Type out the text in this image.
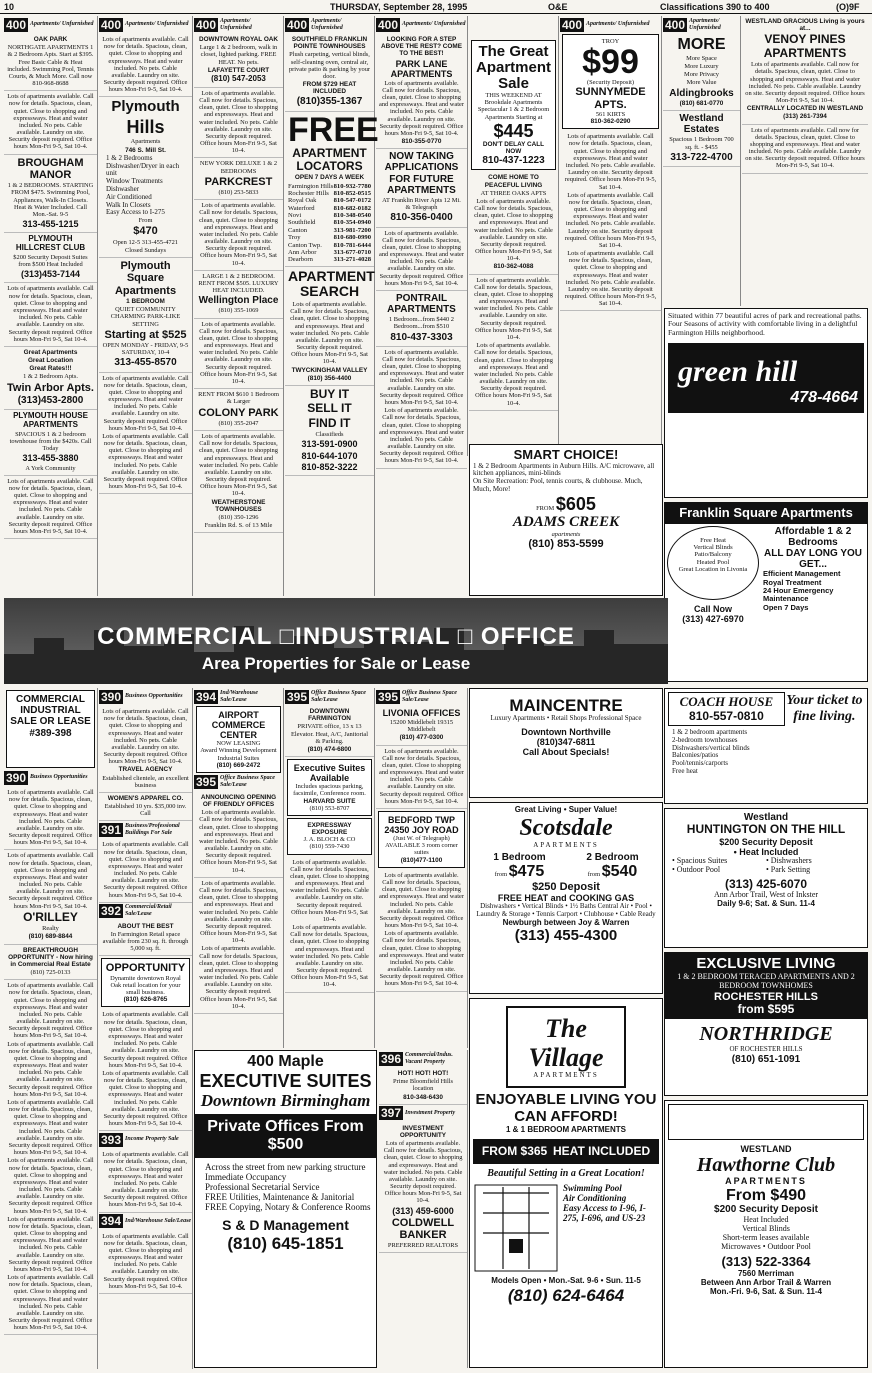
10	THURSDAY, September 28, 1995	O&E	Classifications 390 to 400	(O)9F
400 Apartments/ Unfurnished

OAK PARK

NORTHGATE APARTMENTS 1 & 2 Bedroom Apts. Start at $395. Free Basic Cable & Heat included. Swimming Pool, Tennis Courts, & Much More. Call now 810-968-8688

Lots of apartments available. Call now for details. Spacious, clean, quiet. Close to shopping and expressways. Heat and water included. No pets. Cable available. Laundry on site. Security deposit required. Office hours Mon-Fri 9-5, Sat 10-4.

BROUGHAM MANOR

1 & 2 BEDROOMS. STARTING FROM $475. Swimming Pool, Appliances, Walk-In Closets. Heat & Water Included. Call Mon.-Sat. 9-5

313-455-1215

PLYMOUTH HILLCREST CLUB

$200 Security Deposit Suites from $500 Heat Included

(313)453-7144

Lots of apartments available. Call now for details. Spacious, clean, quiet. Close to shopping and expressways. Heat and water included. No pets. Cable available. Laundry on site. Security deposit required. Office hours Mon-Fri 9-5, Sat 10-4.

Great Apartments

Great Location

Great Rates!!!

1 & 2 Bedroom Apts.

Twin Arbor Apts.

(313)453-2800

PLYMOUTH HOUSE APARTMENTS

SPACIOUS 1 & 2 bedroom townhouse from the $420s. Call Today

313-455-3880

A York Community

Lots of apartments available. Call now for details. Spacious, clean, quiet. Close to shopping and expressways. Heat and water included. No pets. Cable available. Laundry on site. Security deposit required. Office hours Mon-Fri 9-5, Sat 10-4.

400 Apartments/ Unfurnished

Lots of apartments available. Call now for details. Spacious, clean, quiet. Close to shopping and expressways. Heat and water included. No pets. Cable available. Laundry on site. Security deposit required. Office hours Mon-Fri 9-5, Sat 10-4.

Plymouth

Hills

Apartments

746 S. Mill St.

1 & 2 Bedrooms
Dishwasher/Dryer in each unit
Window Treatments
Dishwasher
Air Conditioned
Walk In Closets
Easy Access to I-275

From

$470

Open 12-5 313-455-4721

Closed Sundays

Plymouth Square Apartments

1 BEDROOM

QUIET COMMUNITY CHARMING PARK-LIKE SETTING

Starting at $525

OPEN MONDAY - FRIDAY, 9-5 SATURDAY, 10-4

313-455-8570

Lots of apartments available. Call now for details. Spacious, clean, quiet. Close to shopping and expressways. Heat and water included. No pets. Cable available. Laundry on site. Security deposit required. Office hours Mon-Fri 9-5, Sat 10-4.

Lots of apartments available. Call now for details. Spacious, clean, quiet. Close to shopping and expressways. Heat and water included. No pets. Cable available. Laundry on site. Security deposit required. Office hours Mon-Fri 9-5, Sat 10-4.

400 Apartments/ Unfurnished

DOWNTOWN ROYAL OAK

Large 1 & 2 bedroom, walk in closet, lighted parking. FREE HEAT. No pets.

LAFAYETTE COURT

(810) 547-2053

Lots of apartments available. Call now for details. Spacious, clean, quiet. Close to shopping and expressways. Heat and water included. No pets. Cable available. Laundry on site. Security deposit required. Office hours Mon-Fri 9-5, Sat 10-4.

NEW YORK DELUXE 1 & 2 BEDROOMS

PARKCREST

(810) 253-5833

Lots of apartments available. Call now for details. Spacious, clean, quiet. Close to shopping and expressways. Heat and water included. No pets. Cable available. Laundry on site. Security deposit required. Office hours Mon-Fri 9-5, Sat 10-4.

LARGE 1 & 2 BEDROOM. RENT FROM $505. LUXURY HEAT INCLUDED.

Wellington Place

(810) 355-1069

Lots of apartments available. Call now for details. Spacious, clean, quiet. Close to shopping and expressways. Heat and water included. No pets. Cable available. Laundry on site. Security deposit required. Office hours Mon-Fri 9-5, Sat 10-4.

RENT FROM $610 1 Bedroom & Larger

COLONY PARK

(810) 355-2047

Lots of apartments available. Call now for details. Spacious, clean, quiet. Close to shopping and expressways. Heat and water included. No pets. Cable available. Laundry on site. Security deposit required. Office hours Mon-Fri 9-5, Sat 10-4.

WEATHERSTONE TOWNHOUSES

(810) 350-1296

Franklin Rd. S. of 13 Mile

400 Apartments/ Unfurnished

SOUTHFIELD FRANKLIN POINTE TOWNHOUSES

Plush carpeting, vertical blinds, self-cleaning oven, central air, private patio & parking by your door.

FROM $729 HEAT INCLUDED

(810)355-1367

FREE

APARTMENT LOCATORS

OPEN 7 DAYS A WEEK

Farmington Hills 810-932-7780
Rochester Hills 810-852-0515
Royal Oak	810-547-0172
Waterford	810-682-0182
Novi	810-348-0540
Southfield	810-354-0940
Canton	313-981-7200
Troy	810-680-0990
Canton Twp. 810-781-6444
Ann Arbor	313-677-0710
Dearborn	313-271-4028

APARTMENT SEARCH

Lots of apartments available. Call now for details. Spacious, clean, quiet. Close to shopping and expressways. Heat and water included. No pets. Cable available. Laundry on site. Security deposit required. Office hours Mon-Fri 9-5, Sat 10-4.

TWYCKINGHAM VALLEY

(810) 356-4400

BUY IT

SELL IT

FIND IT

Classifieds

313-591-0900

810-644-1070

810-852-3222

400 Apartments/ Unfurnished

LOOKING FOR A STEP ABOVE THE REST? COME TO THE BEST!

PARK LANE APARTMENTS

Lots of apartments available. Call now for details. Spacious, clean, quiet. Close to shopping and expressways. Heat and water included. No pets. Cable available. Laundry on site. Security deposit required. Office hours Mon-Fri 9-5, Sat 10-4.

810-355-0770

NOW TAKING APPLICATIONS FOR FUTURE APARTMENTS

AT Franklin River Apts 12 Mi. & Telegraph

810-356-0400

Lots of apartments available. Call now for details. Spacious, clean, quiet. Close to shopping and expressways. Heat and water included. No pets. Cable available. Laundry on site. Security deposit required. Office hours Mon-Fri 9-5, Sat 10-4.

PONTRAIL APARTMENTS

1 Bedroom...from $440 2 Bedroom...from $510

810-437-3303

Lots of apartments available. Call now for details. Spacious, clean, quiet. Close to shopping and expressways. Heat and water included. No pets. Cable available. Laundry on site. Security deposit required. Office hours Mon-Fri 9-5, Sat 10-4.

Lots of apartments available. Call now for details. Spacious, clean, quiet. Close to shopping and expressways. Heat and water included. No pets. Cable available. Laundry on site. Security deposit required. Office hours Mon-Fri 9-5, Sat 10-4.

The Great Apartment Sale

THIS WEEKEND AT Brookdale Apartments

Spectacular 1 & 2 Bedroom Apartments Starting at

$445

DON'T DELAY CALL NOW

810-437-1223

COME HOME TO PEACEFUL LIVING

AT THREE OAKS APTS

Lots of apartments available. Call now for details. Spacious, clean, quiet. Close to shopping and expressways. Heat and water included. No pets. Cable available. Laundry on site. Security deposit required. Office hours Mon-Fri 9-5, Sat 10-4.

810-362-4088

Lots of apartments available. Call now for details. Spacious, clean, quiet. Close to shopping and expressways. Heat and water included. No pets. Cable available. Laundry on site. Security deposit required. Office hours Mon-Fri 9-5, Sat 10-4.

Lots of apartments available. Call now for details. Spacious, clean, quiet. Close to shopping and expressways. Heat and water included. No pets. Cable available. Laundry on site. Security deposit required. Office hours Mon-Fri 9-5, Sat 10-4.

400 Apartments/ Unfurnished

TROY

$99

(Security Deposit)

SUNNYMEDE APTS.

561 KIRTS

810-362-0290

Lots of apartments available. Call now for details. Spacious, clean, quiet. Close to shopping and expressways. Heat and water included. No pets. Cable available. Laundry on site. Security deposit required. Office hours Mon-Fri 9-5, Sat 10-4.

Lots of apartments available. Call now for details. Spacious, clean, quiet. Close to shopping and expressways. Heat and water included. No pets. Cable available. Laundry on site. Security deposit required. Office hours Mon-Fri 9-5, Sat 10-4.

Lots of apartments available. Call now for details. Spacious, clean, quiet. Close to shopping and expressways. Heat and water included. No pets. Cable available. Laundry on site. Security deposit required. Office hours Mon-Fri 9-5, Sat 10-4.

400 Apartments/ Unfurnished

MORE

More Space

More Luxury

More Privacy

More Value

Aldingbrooks

(810) 681-0770

Westland Estates

Spacious 1 Bedroom 700 sq. ft. - $455

313-722-4700

WESTLAND GRACIOUS Living is yours at...

VENOY PINES APARTMENTS

Lots of apartments available. Call now for details. Spacious, clean, quiet. Close to shopping and expressways. Heat and water included. No pets. Cable available. Laundry on site. Security deposit required. Office hours Mon-Fri 9-5, Sat 10-4.

CENTRALLY LOCATED IN WESTLAND

(313) 261-7394

Lots of apartments available. Call now for details. Spacious, clean, quiet. Close to shopping and expressways. Heat and water included. No pets. Cable available. Laundry on site. Security deposit required. Office hours Mon-Fri 9-5, Sat 10-4.

Situated within 77 beautiful acres of park and recreational paths. Four Seasons of activity with comfortable living in a delightful Farmington Hills neighborhood.

green hill
478-4664
Franklin Square Apartments

Free Heat

Vertical Blinds

Patio/Balcony

Heated Pool

Great Location in Livonia

Call Now

(313) 427-6970

Affordable 1 & 2 Bedrooms

ALL DAY LONG YOU GET...

Efficient Management

Royal Treatment

24 Hour Emergency Maintenance

Open 7 Days

SMART CHOICE!

1 & 2 Bedroom Apartments in Auburn Hills. A/C microwave, all kitchen appliances, mini-blinds

On Site Recreation: Pool, tennis courts, & clubhouse. Much, Much, More!

FROM $605

ADAMS CREEK

apartments

(810) 853-5599

COMMERCIAL □INDUSTRIAL □ OFFICE
Area Properties for Sale or Lease

COMMERCIAL INDUSTRIAL SALE OR LEASE

#389-398

390 Business Opportunities

Lots of apartments available. Call now for details. Spacious, clean, quiet. Close to shopping and expressways. Heat and water included. No pets. Cable available. Laundry on site. Security deposit required. Office hours Mon-Fri 9-5, Sat 10-4.

Lots of apartments available. Call now for details. Spacious, clean, quiet. Close to shopping and expressways. Heat and water included. No pets. Cable available. Laundry on site. Security deposit required. Office hours Mon-Fri 9-5, Sat 10-4.

O'RILLEY

Realty

(810) 689-8844

BREAKTHROUGH OPPORTUNITY - Now hiring in Commercial Real Estate

(810) 725-0133

Lots of apartments available. Call now for details. Spacious, clean, quiet. Close to shopping and expressways. Heat and water included. No pets. Cable available. Laundry on site. Security deposit required. Office hours Mon-Fri 9-5, Sat 10-4.

Lots of apartments available. Call now for details. Spacious, clean, quiet. Close to shopping and expressways. Heat and water included. No pets. Cable available. Laundry on site. Security deposit required. Office hours Mon-Fri 9-5, Sat 10-4.

Lots of apartments available. Call now for details. Spacious, clean, quiet. Close to shopping and expressways. Heat and water included. No pets. Cable available. Laundry on site. Security deposit required. Office hours Mon-Fri 9-5, Sat 10-4.

Lots of apartments available. Call now for details. Spacious, clean, quiet. Close to shopping and expressways. Heat and water included. No pets. Cable available. Laundry on site. Security deposit required. Office hours Mon-Fri 9-5, Sat 10-4.

Lots of apartments available. Call now for details. Spacious, clean, quiet. Close to shopping and expressways. Heat and water included. No pets. Cable available. Laundry on site. Security deposit required. Office hours Mon-Fri 9-5, Sat 10-4.

Lots of apartments available. Call now for details. Spacious, clean, quiet. Close to shopping and expressways. Heat and water included. No pets. Cable available. Laundry on site. Security deposit required. Office hours Mon-Fri 9-5, Sat 10-4.

390 Business Opportunities

Lots of apartments available. Call now for details. Spacious, clean, quiet. Close to shopping and expressways. Heat and water included. No pets. Cable available. Laundry on site. Security deposit required. Office hours Mon-Fri 9-5, Sat 10-4.

TRAVEL AGENCY

Established clientele, an excellent business

WOMEN'S APPAREL CO.

Established 10 yrs. $35,000 inv. Call

391 Business/Professional Buildings For Sale

Lots of apartments available. Call now for details. Spacious, clean, quiet. Close to shopping and expressways. Heat and water included. No pets. Cable available. Laundry on site. Security deposit required. Office hours Mon-Fri 9-5, Sat 10-4.

392 Commercial/Retail Sale/Lease

ABOUT THE BEST

In Farmington Retail space available from 230 sq. ft. through 5,000 sq. ft.

OPPORTUNITY

Dynamite downtown Royal Oak retail location for your small business.

(810) 626-8765

Lots of apartments available. Call now for details. Spacious, clean, quiet. Close to shopping and expressways. Heat and water included. No pets. Cable available. Laundry on site. Security deposit required. Office hours Mon-Fri 9-5, Sat 10-4.

Lots of apartments available. Call now for details. Spacious, clean, quiet. Close to shopping and expressways. Heat and water included. No pets. Cable available. Laundry on site. Security deposit required. Office hours Mon-Fri 9-5, Sat 10-4.

393 Income Property Sale

Lots of apartments available. Call now for details. Spacious, clean, quiet. Close to shopping and expressways. Heat and water included. No pets. Cable available. Laundry on site. Security deposit required. Office hours Mon-Fri 9-5, Sat 10-4.

394 Ind/Warehouse Sale/Lease

Lots of apartments available. Call now for details. Spacious, clean, quiet. Close to shopping and expressways. Heat and water included. No pets. Cable available. Laundry on site. Security deposit required. Office hours Mon-Fri 9-5, Sat 10-4.

394 Ind/Warehouse Sale/Lease

AIRPORT COMMERCE CENTER

NOW LEASING

Award Winning Development Industrial Suites

(810) 669-2472

395 Office Business Space Sale/Lease

ANNOUNCING OPENING OF FRIENDLY OFFICES

Lots of apartments available. Call now for details. Spacious, clean, quiet. Close to shopping and expressways. Heat and water included. No pets. Cable available. Laundry on site. Security deposit required. Office hours Mon-Fri 9-5, Sat 10-4.

Lots of apartments available. Call now for details. Spacious, clean, quiet. Close to shopping and expressways. Heat and water included. No pets. Cable available. Laundry on site. Security deposit required. Office hours Mon-Fri 9-5, Sat 10-4.

Lots of apartments available. Call now for details. Spacious, clean, quiet. Close to shopping and expressways. Heat and water included. No pets. Cable available. Laundry on site. Security deposit required. Office hours Mon-Fri 9-5, Sat 10-4.

395 Office Business Space Sale/Lease

DOWNTOWN FARMINGTON

PRIVATE office, 13 x 13 Elevator. Heat, A/C, Janitorial & Parking.

(810) 474-6800

Executive Suites Available

Includes spacious parking, facsimile, Conference room.

HARVARD SUITE

(810) 553-8707

EXPRESSWAY EXPOSURE

J. A. BLOCH & CO

(810) 559-7430

Lots of apartments available. Call now for details. Spacious, clean, quiet. Close to shopping and expressways. Heat and water included. No pets. Cable available. Laundry on site. Security deposit required. Office hours Mon-Fri 9-5, Sat 10-4.

Lots of apartments available. Call now for details. Spacious, clean, quiet. Close to shopping and expressways. Heat and water included. No pets. Cable available. Laundry on site. Security deposit required. Office hours Mon-Fri 9-5, Sat 10-4.

395 Office Business Space Sale/Lease

LIVONIA OFFICES

15200 Middlebelt 19315 Middlebelt

(810) 477-0300

Lots of apartments available. Call now for details. Spacious, clean, quiet. Close to shopping and expressways. Heat and water included. No pets. Cable available. Laundry on site. Security deposit required. Office hours Mon-Fri 9-5, Sat 10-4.

BEDFORD TWP 24350 JOY ROAD

(Just W. of Telegraph)

AVAILABLE 3 room corner suites

(810)477-1100

Lots of apartments available. Call now for details. Spacious, clean, quiet. Close to shopping and expressways. Heat and water included. No pets. Cable available. Laundry on site. Security deposit required. Office hours Mon-Fri 9-5, Sat 10-4.

Lots of apartments available. Call now for details. Spacious, clean, quiet. Close to shopping and expressways. Heat and water included. No pets. Cable available. Laundry on site. Security deposit required. Office hours Mon-Fri 9-5, Sat 10-4.

400 Maple

EXECUTIVE SUITES

Downtown Birmingham

Private Offices From $500
Across the street from new parking structure
Immediate Occupancy
Professional Secretarial Service
FREE Utilities, Maintenance & Janitorial
FREE Copying, Notary & Conference Rooms

S & D Management

(810) 645-1851

396 Commercial/Indus. Vacant Property

HOT! HOT! HOT!

Prime Bloomfield Hills location

810-348-6430

397 Investment Property

INVESTMENT OPPORTUNITY

Lots of apartments available. Call now for details. Spacious, clean, quiet. Close to shopping and expressways. Heat and water included. No pets. Cable available. Laundry on site. Security deposit required. Office hours Mon-Fri 9-5, Sat 10-4.

(313) 459-6000

COLDWELL BANKER

PREFERRED REALTORS

MAINCENTRE

Luxury Apartments • Retail Shops Professional Space

Downtown Northville

(810)347-6811

Call About Specials!

COACH HOUSE

810-557-0810

Your ticket to fine living.

1 & 2 bedroom apartments
2-bedroom townhouses
Dishwashers/vertical blinds
Balconies/patios
Pool/tennis/carports
Free heat

Great Living • Super Value!

Scotsdale

APARTMENTS

1 Bedroom

from $475

2 Bedroom

from $540

$250 Deposit

FREE HEAT and COOKING GAS

Dishwashers • Vertical Blinds • 1½ Baths Central Air • Pool • Laundry & Storage • Tennis Carport • Clubhouse • Cable Ready

Newburgh between Joy & Warren

(313) 455-4300

Westland

HUNTINGTON ON THE HILL

$200 Security Deposit

• Heat Included

• Spacious Suites	• Dishwashers
• Outdoor Pool	• Park Setting

(313) 425-6070

Ann Arbor Trail, West of Inkster

Daily 9-6; Sat. & Sun. 11-4

The Village

APARTMENTS

ENJOYABLE LIVING YOU CAN AFFORD!

1 & 1 BEDROOM APARTMENTS

FROM $365 HEAT INCLUDED

Beautiful Setting in a Great Location!

Swimming Pool
Air Conditioning
Easy Access to I-96, I-275, I-696, and US-23

Models Open • Mon.-Sat. 9-6 • Sun. 11-5

(810) 624-6464

EXCLUSIVE LIVING

1 & 2 BEDROOM TERACED APARTMENTS AND 2 BEDROOM TOWNHOMES

ROCHESTER HILLS

from $595

NORTHRIDGE

OF ROCHESTER HILLS

(810) 651-1091

WESTLAND

Hawthorne Club

APARTMENTS

From $490

$200 Security Deposit

Heat Included

Vertical Blinds

Short-term leases available

Microwaves • Outdoor Pool

(313) 522-3364

7560 Merriman

Between Ann Arbor Trail & Warren

Mon.-Fri. 9-6, Sat. & Sun. 11-4
